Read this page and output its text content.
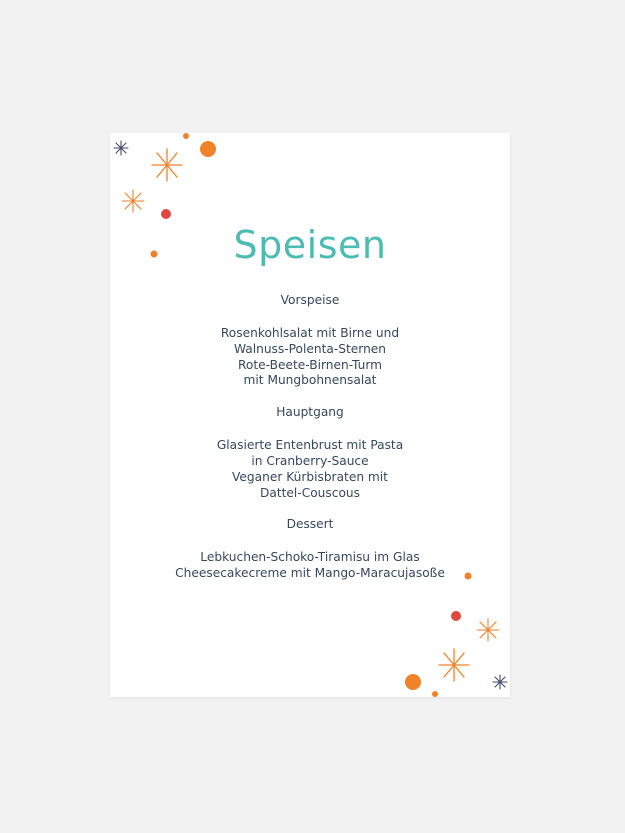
Speisen
Vorspeise
Rosenkohlsalat mit Birne und
Walnuss-Polenta-Sternen
Rote-Beete-Birnen-Turm
mit Mungbohnensalat
Hauptgang
Glasierte Entenbrust mit Pasta
in Cranberry-Sauce
Veganer Kürbisbraten mit
Dattel-Couscous
Dessert
Lebkuchen-Schoko-Tiramisu im Glas
Cheesecakecreme mit Mango-Maracujasoße
